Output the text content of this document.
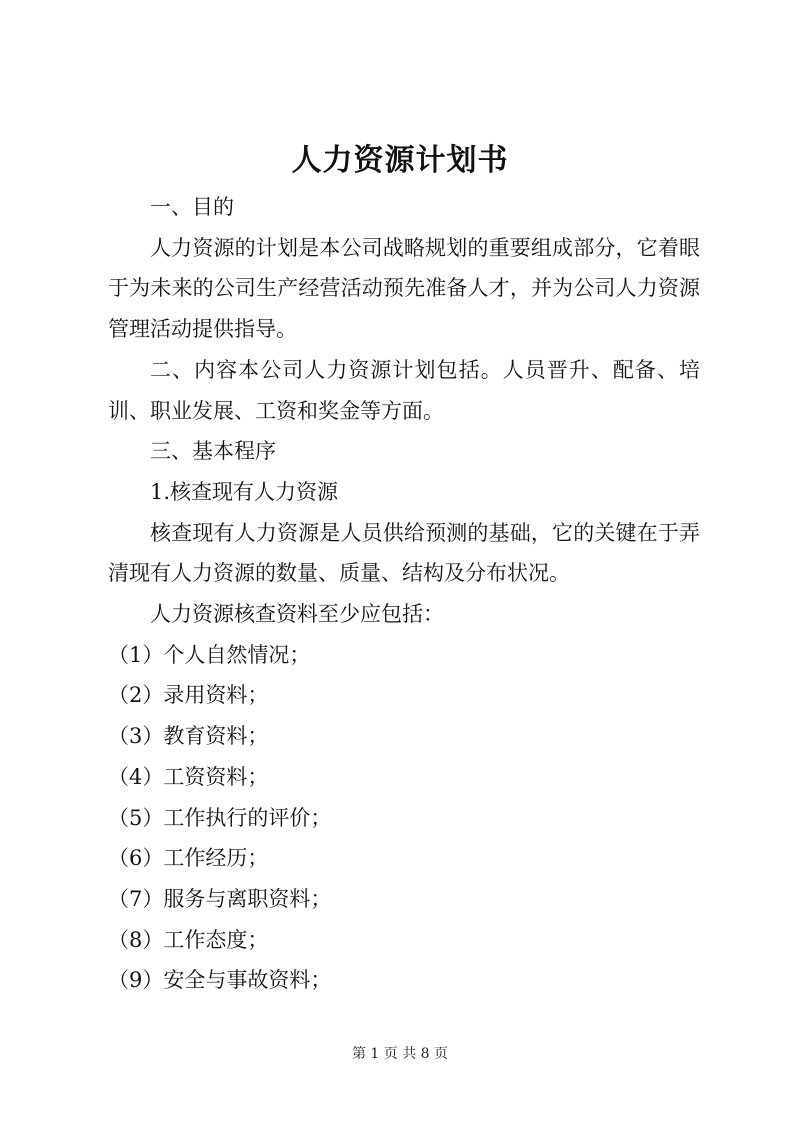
人力资源计划书

一、目的

人力资源的计划是本公司战略规划的重要组成部分，它着眼于为未来的公司生产经营活动预先准备人才，并为公司人力资源管理活动提供指导。

二、内容本公司人力资源计划包括。人员晋升、配备、培训、职业发展、工资和奖金等方面。

三、基本程序

1.核查现有人力资源

核查现有人力资源是人员供给预测的基础，它的关键在于弄清现有人力资源的数量、质量、结构及分布状况。

人力资源核查资料至少应包括：

（1）个人自然情况；

（2）录用资料；

（3）教育资料；

（4）工资资料；

（5）工作执行的评价；

（6）工作经历；

（7）服务与离职资料；

（8）工作态度；

（9）安全与事故资料；

第 1 页 共 8 页
